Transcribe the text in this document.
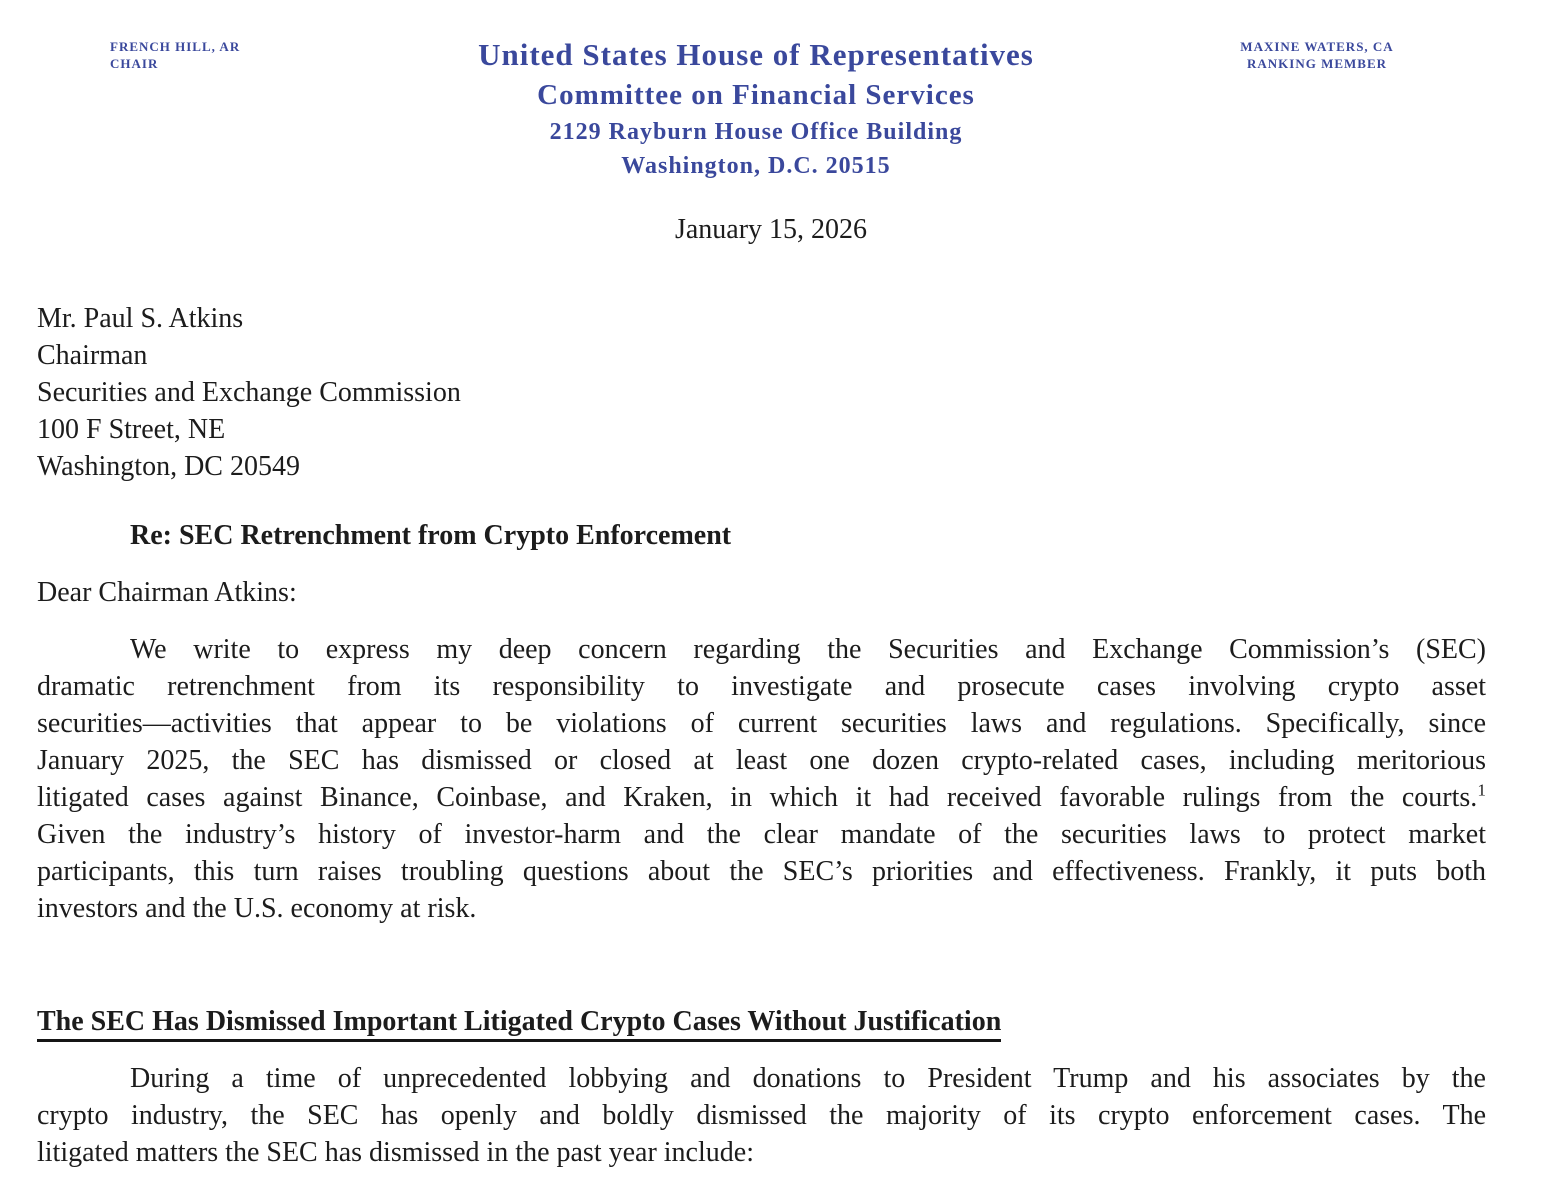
FRENCH HILL, AR
CHAIR	United States House of Representatives
Committee on Financial Services
2129 Rayburn House Office Building
Washington, D.C. 20515
MAXINE WATERS, CA
RANKING MEMBER
January 15, 2026
Mr. Paul S. Atkins
Chairman
Securities and Exchange Commission
100 F Street, NE
Washington, DC 20549
Re: SEC Retrenchment from Crypto Enforcement
Dear Chairman Atkins:
We write to express my deep concern regarding the Securities and Exchange Commission’s (SEC)
dramatic retrenchment from its responsibility to investigate and prosecute cases involving crypto asset
securities—activities that appear to be violations of current securities laws and regulations. Specifically, since
January 2025, the SEC has dismissed or closed at least one dozen crypto-related cases, including meritorious
litigated cases against Binance, Coinbase, and Kraken, in which it had received favorable rulings from the courts.$^1$
Given the industry’s history of investor-harm and the clear mandate of the securities laws to protect market
participants, this turn raises troubling questions about the SEC’s priorities and effectiveness. Frankly, it puts both
investors and the U.S. economy at risk.
The SEC Has Dismissed Important Litigated Crypto Cases Without Justification
During a time of unprecedented lobbying and donations to President Trump and his associates by the
crypto industry, the SEC has openly and boldly dismissed the majority of its crypto enforcement cases. The
litigated matters the SEC has dismissed in the past year include:
